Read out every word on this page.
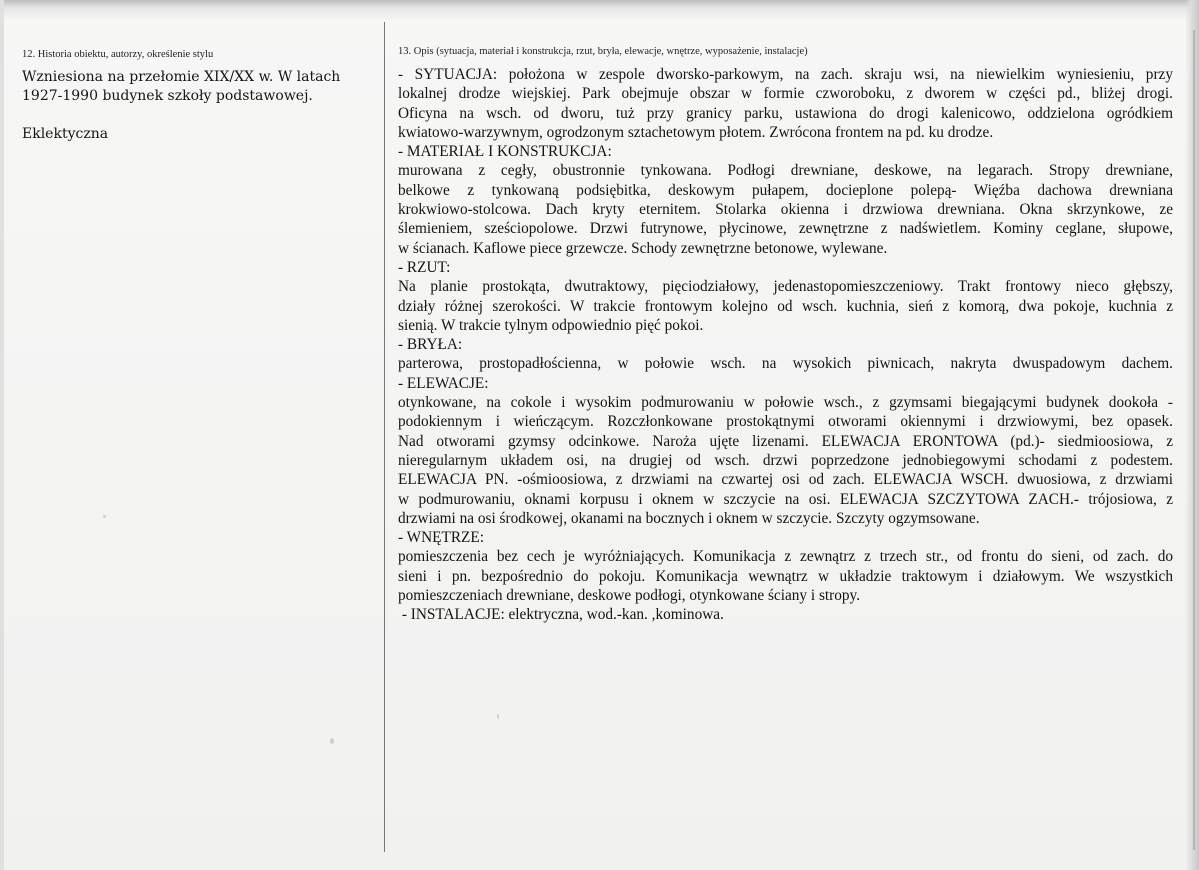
12. Historia obiektu, autorzy, określenie stylu

Wzniesiona na przełomie XIX/XX w. W latach

1927-1990 budynek szkoły podstawowej.

Eklektyczna

13. Opis (sytuacja, materiał i konstrukcja, rzut, bryła, elewacje, wnętrze, wyposażenie, instalacje)
- SYTUACJA: położona w zespole dworsko-parkowym, na zach. skraju wsi, na niewielkim wyniesieniu, przy
lokalnej drodze wiejskiej. Park obejmuje obszar w formie czworoboku, z dworem w części pd., bliżej drogi.
Oficyna na wsch. od dworu, tuż przy granicy parku, ustawiona do drogi kalenicowo, oddzielona ogródkiem
kwiatowo-warzywnym, ogrodzonym sztachetowym płotem. Zwrócona frontem na pd. ku drodze.
- MATERIAŁ I KONSTRUKCJA:
murowana z cegły, obustronnie tynkowana. Podłogi drewniane, deskowe, na legarach. Stropy drewniane,
belkowe z tynkowaną podsiębitka, deskowym pułapem, docieplone polepą- Więźba dachowa drewniana
krokwiowo-stolcowa. Dach kryty eternitem. Stolarka okienna i drzwiowa drewniana. Okna skrzynkowe, ze
ślemieniem, sześciopolowe. Drzwi futrynowe, płycinowe, zewnętrzne z nadświetlem. Kominy ceglane, słupowe,
w ścianach. Kaflowe piece grzewcze. Schody zewnętrzne betonowe, wylewane.
- RZUT:
Na planie prostokąta, dwutraktowy, pięciodziałowy, jedenastopomieszczeniowy. Trakt frontowy nieco głębszy,
działy różnej szerokości. W trakcie frontowym kolejno od wsch. kuchnia, sień z komorą, dwa pokoje, kuchnia z
sienią. W trakcie tylnym odpowiednio pięć pokoi.
- BRYŁA:
parterowa, prostopadłościenna, w połowie wsch. na wysokich piwnicach, nakryta dwuspadowym dachem.
- ELEWACJE:
otynkowane, na cokole i wysokim podmurowaniu w połowie wsch., z gzymsami biegającymi budynek dookoła -
podokiennym i wieńczącym. Rozczłonkowane prostokątnymi otworami okiennymi i drzwiowymi, bez opasek.
Nad otworami gzymsy odcinkowe. Naroża ujęte lizenami. ELEWACJA ERONTOWA (pd.)- siedmioosiowa, z
nieregularnym układem osi, na drugiej od wsch. drzwi poprzedzone jednobiegowymi schodami z podestem.
ELEWACJA PN. -ośmioosiowa, z drzwiami na czwartej osi od zach. ELEWACJA WSCH. dwuosiowa, z drzwiami
w podmurowaniu, oknami korpusu i oknem w szczycie na osi. ELEWACJA SZCZYTOWA ZACH.- trójosiowa, z
drzwiami na osi środkowej, okanami na bocznych i oknem w szczycie. Szczyty ogzymsowane.
- WNĘTRZE:
pomieszczenia bez cech je wyróżniających. Komunikacja z zewnątrz z trzech str., od frontu do sieni, od zach. do
sieni i pn. bezpośrednio do pokoju. Komunikacja wewnątrz w układzie traktowym i działowym. We wszystkich
pomieszczeniach drewniane, deskowe podłogi, otynkowane ściany i stropy.
- INSTALACJE: elektryczna, wod.-kan. ,kominowa.
